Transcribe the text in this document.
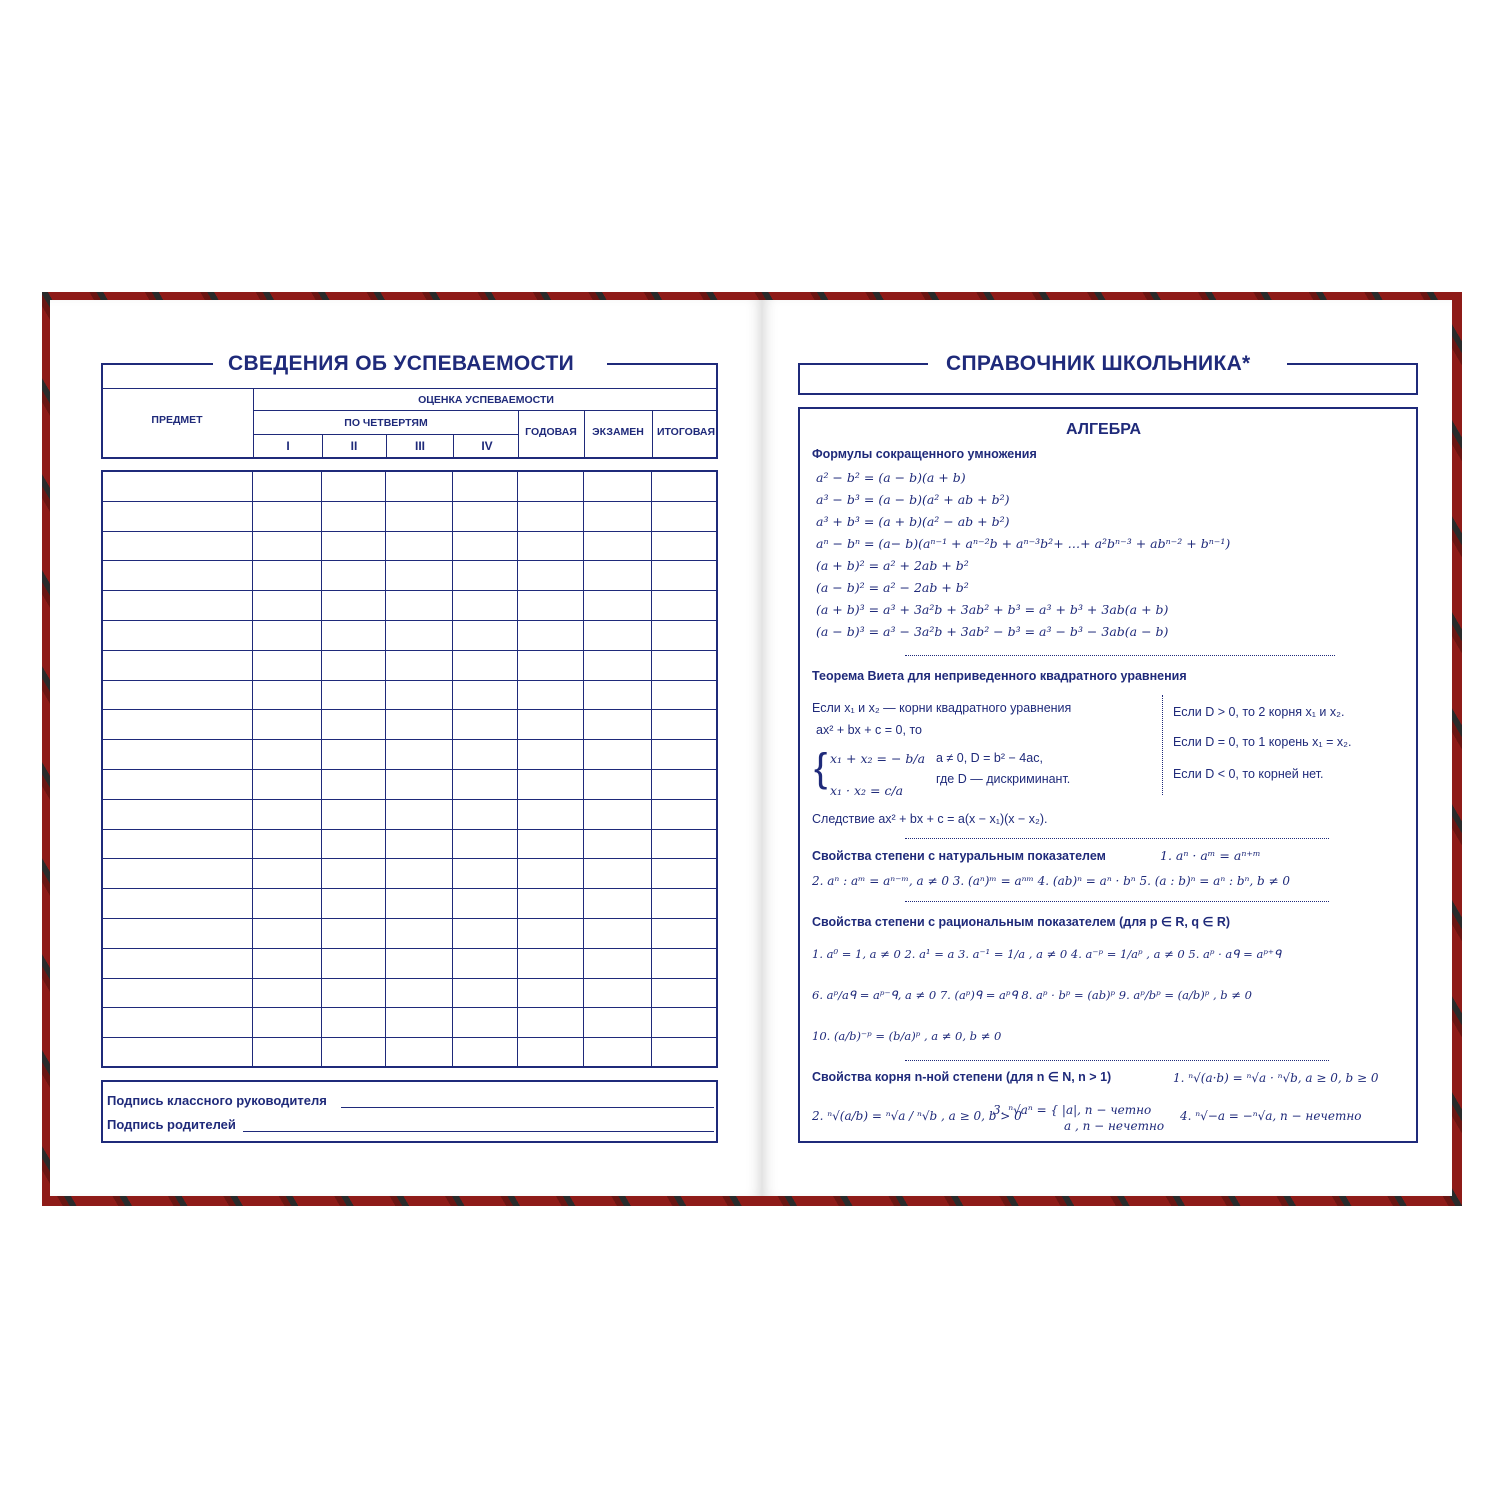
СВЕДЕНИЯ ОБ УСПЕВАЕМОСТИ
ПРЕДМЕТ
ОЦЕНКА УСПЕВАЕМОСТИ
ПО ЧЕТВЕРТЯМ
I	II	III	IV
ГОДОВАЯ ЭКЗАМЕН ИТОГОВАЯ

Подпись классного руководителя
Подпись родителей
СПРАВОЧНИК ШКОЛЬНИКА*
АЛГЕБРА
Формулы сокращенного умножения
a² − b² = (a − b)(a + b)
a³ − b³ = (a − b)(a² + ab + b²)
a³ + b³ = (a + b)(a² − ab + b²)
aⁿ − bⁿ = (a− b)(aⁿ⁻¹ + aⁿ⁻²b + aⁿ⁻³b²+ …+ a²bⁿ⁻³ + abⁿ⁻² + bⁿ⁻¹)
(a + b)² = a² + 2ab + b²
(a − b)² = a² − 2ab + b²
(a + b)³ = a³ + 3a²b + 3ab² + b³ = a³ + b³ + 3ab(a + b)
(a − b)³ = a³ − 3a²b + 3ab² − b³ = a³ − b³ − 3ab(a − b)
Теорема Виета для неприведенного квадратного уравнения
Если x₁ и x₂ — корни квадратного уравнения
ax² + bx + c = 0, то
{ x₁ + x₂ = − b/a
x₁ · x₂ = c/a
a ≠ 0, D = b² − 4ac,
где D — дискриминант.
Если D > 0, то 2 корня x₁ и x₂.
Если D = 0, то 1 корень x₁ = x₂.
Если D < 0, то корней нет.
Следствие ax² + bx + c = a(x − x₁)(x − x₂).
Свойства степени с натуральным показателем	1. aⁿ · aᵐ = aⁿ⁺ᵐ
2. aⁿ : aᵐ = aⁿ⁻ᵐ, a ≠ 0 3. (aⁿ)ᵐ = aⁿᵐ 4. (ab)ⁿ = aⁿ · bⁿ 5. (a : b)ⁿ = aⁿ : bⁿ, b ≠ 0
Свойства степени с рациональным показателем (для p ∈ R, q ∈ R)
1. a⁰ = 1, a ≠ 0 2. a¹ = a 3. a⁻¹ = 1/a , a ≠ 0 4. a⁻ᵖ = 1/aᵖ , a ≠ 0 5. aᵖ · aᑫ = aᵖ⁺ᑫ
6. aᵖ/aᑫ = aᵖ⁻ᑫ, a ≠ 0 7. (aᵖ)ᑫ = aᵖᑫ 8. aᵖ · bᵖ = (ab)ᵖ 9. aᵖ/bᵖ = (a/b)ᵖ , b ≠ 0
10. (a/b)⁻ᵖ = (b/a)ᵖ , a ≠ 0, b ≠ 0
Свойства корня n-ной степени (для n ∈ N, n > 1)	1. ⁿ√(a·b) = ⁿ√a · ⁿ√b, a ≥ 0, b ≥ 0
2. ⁿ√(a/b) = ⁿ√a / ⁿ√b , a ≥ 0, b > 0
3. ⁿ√aⁿ = { |a|, n − четно
a , n − нечетно
4. ⁿ√−a = −ⁿ√a, n − нечетно
